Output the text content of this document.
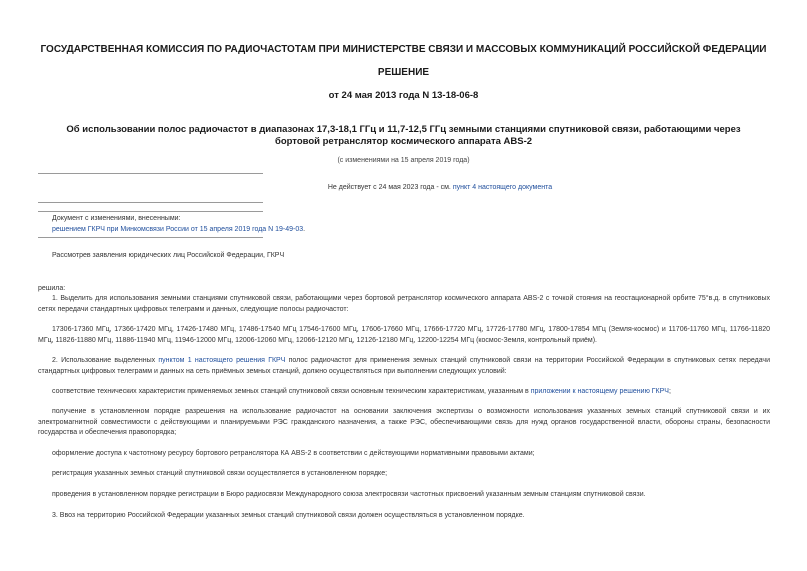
ГОСУДАРСТВЕННАЯ КОМИССИЯ ПО РАДИОЧАСТОТАМ ПРИ МИНИСТЕРСТВЕ СВЯЗИ И МАССОВЫХ КОММУНИКАЦИЙ РОССИЙСКОЙ ФЕДЕРАЦИИ
РЕШЕНИЕ
от 24 мая 2013 года N 13-18-06-8
Об использовании полос радиочастот в диапазонах 17,3-18,1 ГГц и 11,7-12,5 ГГц земными станциями спутниковой связи, работающими через бортовой ретранслятор космического аппарата ABS-2
(с изменениями на 15 апреля 2019 года)
Не действует с 24 мая 2023 года - см. пункт 4 настоящего документа
Документ с изменениями, внесенными:
решением ГКРЧ при Минкомсвязи России от 15 апреля 2019 года N 19-49-03.
Рассмотрев заявления юридических лиц Российской Федерации, ГКРЧ
решила:
1. Выделить для использования земными станциями спутниковой связи, работающими через бортовой ретранслятор космического аппарата ABS-2 с точкой стояния на геостационарной орбите 75°в.д. в спутниковых сетях передачи стандартных цифровых телеграмм и данных, следующие полосы радиочастот:
17306-17360 МГц, 17366-17420 МГц, 17426-17480 МГц, 17486-17540 МГц 17546-17600 МГц, 17606-17660 МГц, 17666-17720 МГц, 17726-17780 МГц, 17800-17854 МГц (Земля-космос) и 11706-11760 МГц, 11766-11820 МГц, 11826-11880 МГц, 11886-11940 МГц, 11946-12000 МГц, 12006-12060 МГц, 12066-12120 МГц, 12126-12180 МГц, 12200-12254 МГц (космос-Земля, контрольный приём).
2. Использование выделенных пунктом 1 настоящего решения ГКРЧ полос радиочастот для применения земных станций спутниковой связи на территории Российской Федерации в спутниковых сетях передачи стандартных цифровых телеграмм и данных на сеть приёмных земных станций, должно осуществляться при выполнении следующих условий:
соответствие технических характеристик применяемых земных станций спутниковой связи основным техническим характеристикам, указанным в приложении к настоящему решению ГКРЧ;
получение в установленном порядке разрешения на использование радиочастот на основании заключения экспертизы о возможности использования указанных земных станций спутниковой связи и их электромагнитной совместимости с действующими и планируемыми РЭС гражданского назначения, а также РЭС, обеспечивающими связь для нужд органов государственной власти, обороны страны, безопасности государства и обеспечения правопорядка;
оформление доступа к частотному ресурсу бортового ретранслятора КА ABS-2 в соответствии с действующими нормативными правовыми актами;
регистрация указанных земных станций спутниковой связи осуществляется в установленном порядке;
проведения в установленном порядке регистрации в Бюро радиосвязи Международного союза электросвязи частотных присвоений указанным земным станциям спутниковой связи.
3. Ввоз на территорию Российской Федерации указанных земных станций спутниковой связи должен осуществляться в установленном порядке.
